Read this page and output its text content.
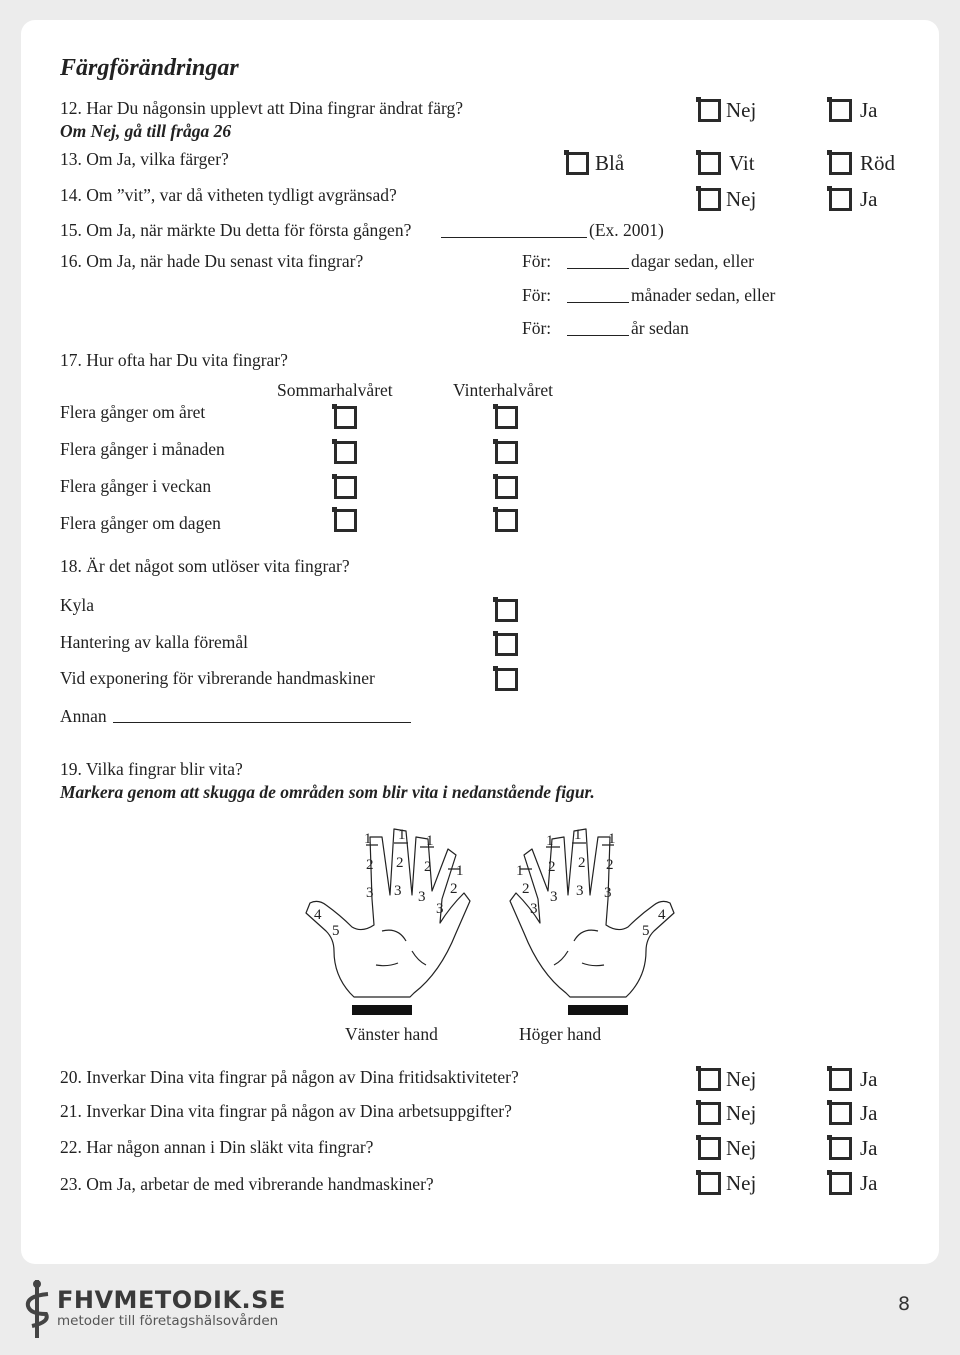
Färgförändringar
12. Har Du någonsin upplevt att Dina fingrar ändrat färg?
Om Nej, gå till fråga 26
Nej	Ja
13. Om Ja, vilka färger?	Blå	Vit	Röd
14. Om ”vit”, var då vitheten tydligt avgränsad?	Nej	Ja
15. Om Ja, när märkte Du detta för första gången?	(Ex. 2001)
16. Om Ja, när hade Du senast vita fingrar?	För:	dagar sedan, eller
För:	månader sedan, eller
För:	år sedan
17. Hur ofta har Du vita fingrar?
Sommarhalvåret	Vinterhalvåret
Flera gånger om året
Flera gånger i månaden
Flera gånger i veckan
Flera gånger om dagen
18. Är det något som utlöser vita fingrar?
Kyla
Hantering av kalla föremål
Vid exponering för vibrerande handmaskiner
Annan
19. Vilka fingrar blir vita?
Markera genom att skugga de områden som blir vita i nedanstående figur.
1 1 1
1
2 2 2
2
3 3 3
3
4
5
1
1
1
1	2
2
2
2	3
3
3
3	4
5
Vänster hand	Höger hand
20. Inverkar Dina vita fingrar på någon av Dina fritidsaktiviteter?	Nej	Ja
21. Inverkar Dina vita fingrar på någon av Dina arbetsuppgifter?	Nej	Ja
22. Har någon annan i Din släkt vita fingrar?	Nej	Ja
23. Om Ja, arbetar de med vibrerande handmaskiner?	Nej	Ja
FHVMETODIK.SE
metoder till företagshälsovården
8
